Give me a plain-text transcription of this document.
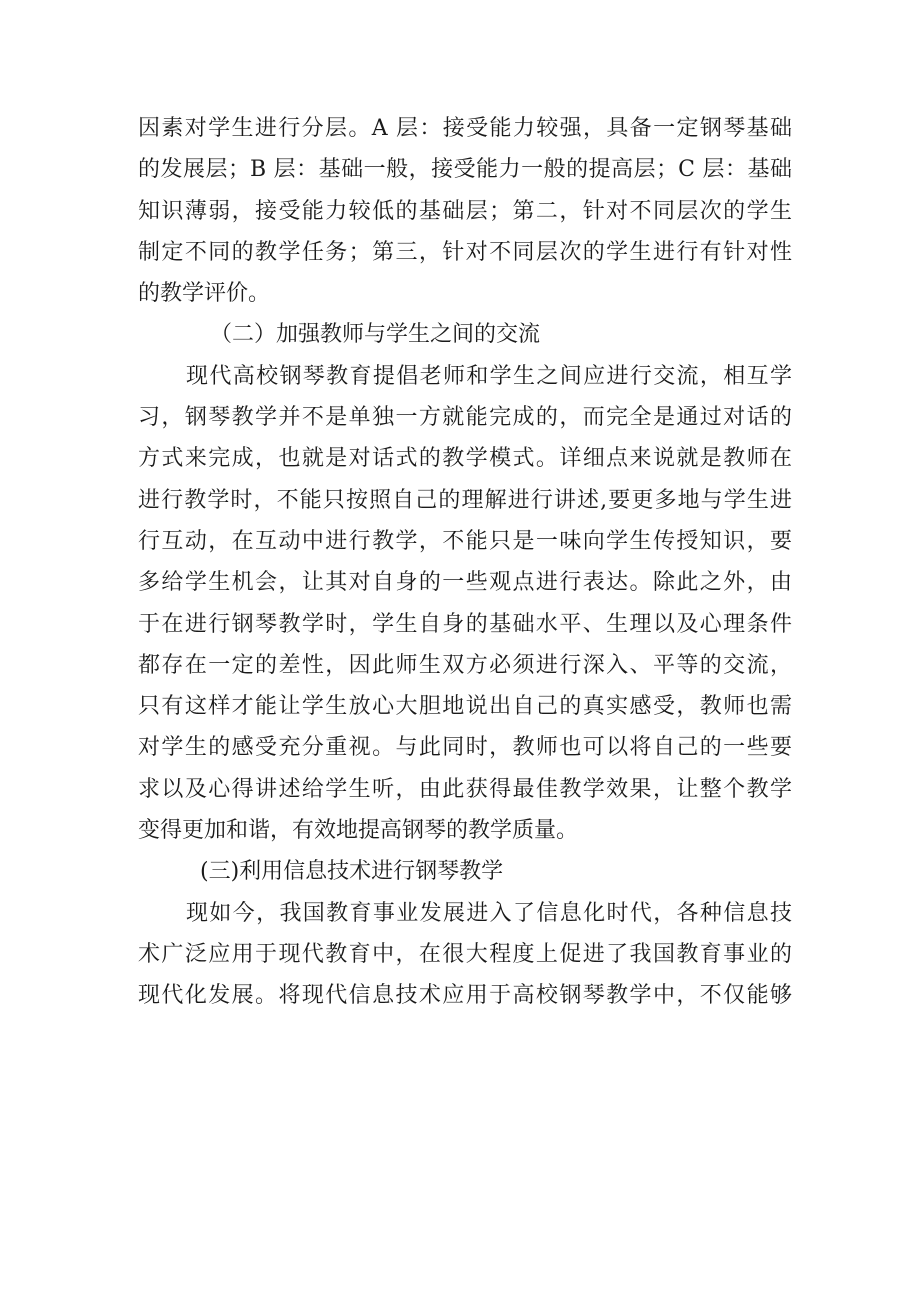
因素对学生进行分层。A 层：接受能力较强，具备一定钢琴基础
的发展层；B 层：基础一般，接受能力一般的提高层；C 层：基础
知识薄弱，接受能力较低的基础层；第二，针对不同层次的学生
制定不同的教学任务；第三，针对不同层次的学生进行有针对性
的教学评价。
（二）加强教师与学生之间的交流
现代高校钢琴教育提倡老师和学生之间应进行交流，相互学
习，钢琴教学并不是单独一方就能完成的，而完全是通过对话的
方式来完成，也就是对话式的教学模式。详细点来说就是教师在
进行教学时，不能只按照自己的理解进行讲述,要更多地与学生进
行互动，在互动中进行教学，不能只是一味向学生传授知识，要
多给学生机会，让其对自身的一些观点进行表达。除此之外，由
于在进行钢琴教学时，学生自身的基础水平、生理以及心理条件
都存在一定的差性，因此师生双方必须进行深入、平等的交流，
只有这样才能让学生放心大胆地说出自己的真实感受，教师也需
对学生的感受充分重视。与此同时，教师也可以将自己的一些要
求以及心得讲述给学生听，由此获得最佳教学效果，让整个教学
变得更加和谐，有效地提高钢琴的教学质量。
(三)利用信息技术进行钢琴教学
现如今，我国教育事业发展进入了信息化时代，各种信息技
术广泛应用于现代教育中，在很大程度上促进了我国教育事业的
现代化发展。将现代信息技术应用于高校钢琴教学中，不仅能够
